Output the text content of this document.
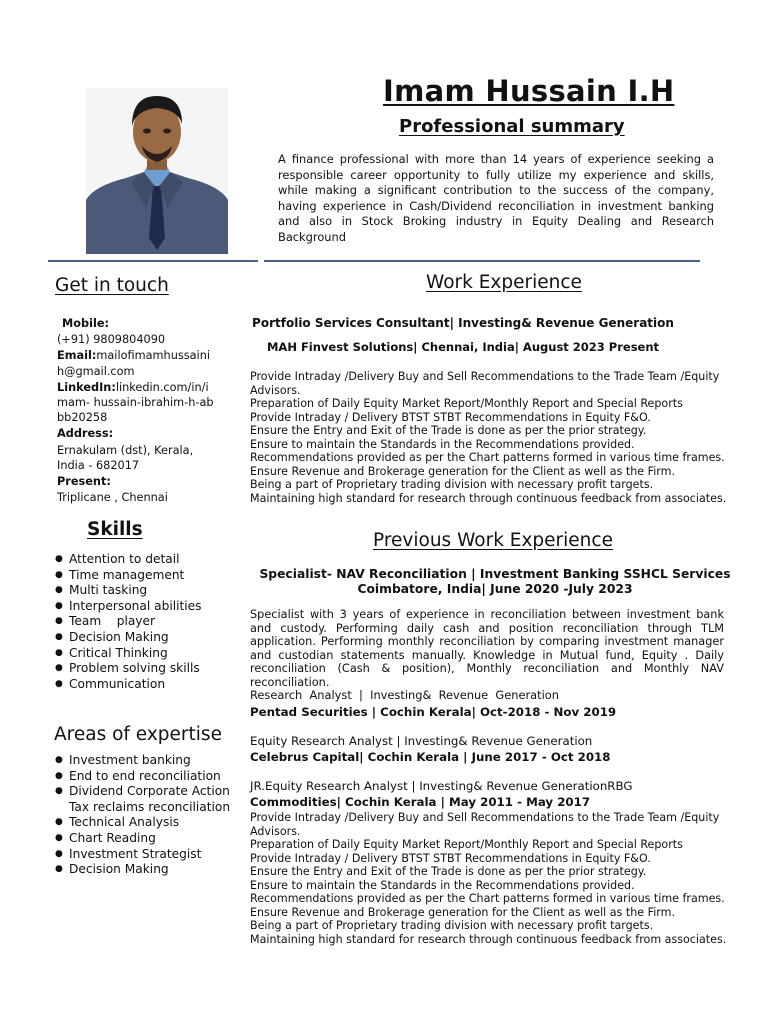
Imam Hussain I.H
Professional summary
A finance professional with more than 14 years of experience seeking a responsible career opportunity to fully utilize my experience and skills, while making a significant contribution to the success of the company, having experience in Cash/Dividend reconciliation in investment banking and also in Stock Broking industry in Equity Dealing and Research Background
Get in touch
Mobile:
(+91) 9809804090
Email:mailofimamhussainih@gmail.com
LinkedIn:linkedin.com/in/imam- hussain-ibrahim-h-abbb20258
Address:
Ernakulam (dst), Kerala, India - 682017
Present:
Triplicane , Chennai
Skills
● Attention to detail
● Time management
● Multi tasking
● Interpersonal abilities
● Team    player
● Decision Making
● Critical Thinking
● Problem solving skills
● Communication
Areas of expertise
● Investment banking
● End to end reconciliation
● Dividend Corporate Action Tax reclaims reconciliation
● Technical Analysis
● Chart Reading
● Investment Strategist
● Decision Making
Work Experience
Portfolio Services Consultant| Investing& Revenue Generation
MAH Finvest Solutions| Chennai, India| August 2023 Present
Provide Intraday /Delivery Buy and Sell Recommendations to the Trade Team /Equity Advisors.
Preparation of Daily Equity Market Report/Monthly Report and Special Reports
Provide Intraday / Delivery BTST STBT Recommendations in Equity F&O.
Ensure the Entry and Exit of the Trade is done as per the prior strategy.
Ensure to maintain the Standards in the Recommendations provided.
Recommendations provided as per the Chart patterns formed in various time frames.
Ensure Revenue and Brokerage generation for the Client as well as the Firm.
Being a part of Proprietary trading division with necessary profit targets.
Maintaining high standard for research through continuous feedback from associates.
Previous Work Experience
Specialist- NAV Reconciliation | Investment Banking SSHCL Services
Coimbatore, India| June 2020 -July 2023
Specialist with 3 years of experience in reconciliation between investment bank and custody. Performing daily cash and position reconciliation through TLM application. Performing monthly reconciliation by comparing investment manager and custodian statements manually. Knowledge in Mutual fund, Equity . Daily reconciliation (Cash & position), Monthly reconciliation and Monthly NAV reconciliation.
Research  Analyst  |  Investing&  Revenue  Generation
Pentad Securities | Cochin Kerala| Oct-2018 - Nov 2019
Equity Research Analyst | Investing& Revenue Generation
Celebrus Capital| Cochin Kerala | June 2017 - Oct 2018
JR.Equity Research Analyst | Investing& Revenue GenerationRBG
Commodities| Cochin Kerala | May 2011 - May 2017
Provide Intraday /Delivery Buy and Sell Recommendations to the Trade Team /Equity Advisors.
Preparation of Daily Equity Market Report/Monthly Report and Special Reports
Provide Intraday / Delivery BTST STBT Recommendations in Equity F&O.
Ensure the Entry and Exit of the Trade is done as per the prior strategy.
Ensure to maintain the Standards in the Recommendations provided.
Recommendations provided as per the Chart patterns formed in various time frames.
Ensure Revenue and Brokerage generation for the Client as well as the Firm.
Being a part of Proprietary trading division with necessary profit targets.
Maintaining high standard for research through continuous feedback from associates.
